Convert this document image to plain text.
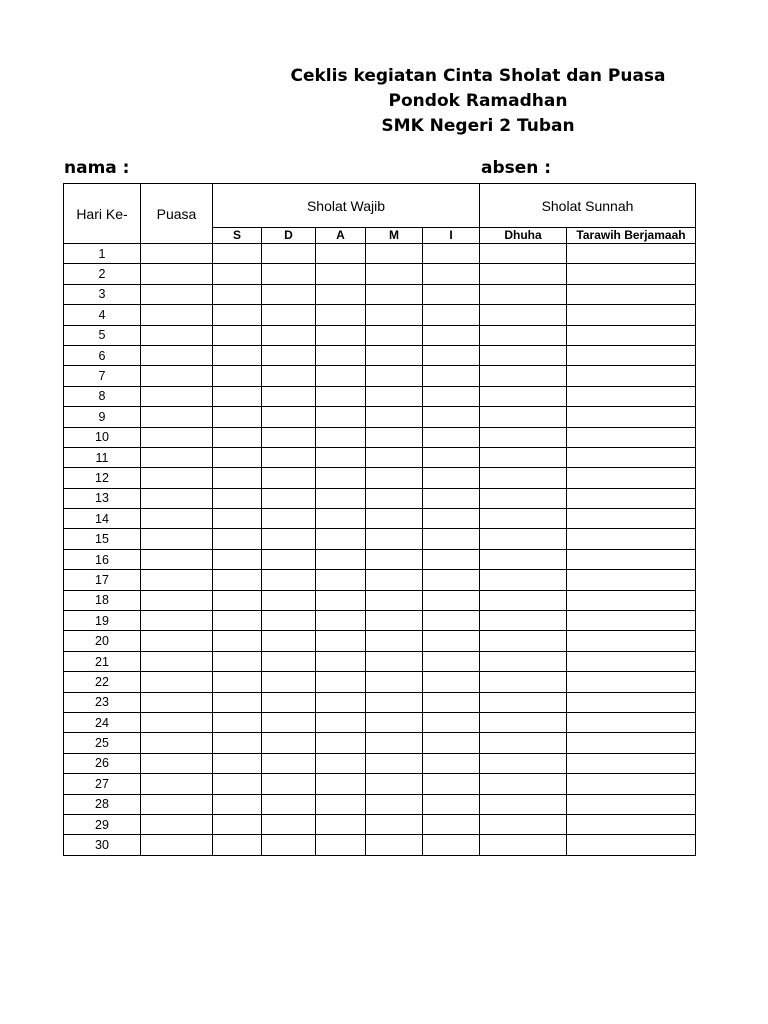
Ceklis kegiatan Cinta Sholat dan Puasa
Pondok Ramadhan
SMK Negeri 2 Tuban
nama :	absen :
Hari Ke-	Puasa	Sholat Wajib					Sholat Sunnah	
		S	D	A	M	I	Dhuha	Tarawih Berjamaah
1								
2								
3								
4								
5								
6								
7								
8								
9								
10								
11								
12								
13								
14								
15								
16								
17								
18								
19								
20								
21								
22								
23								
24								
25								
26								
27								
28								
29								
30								
